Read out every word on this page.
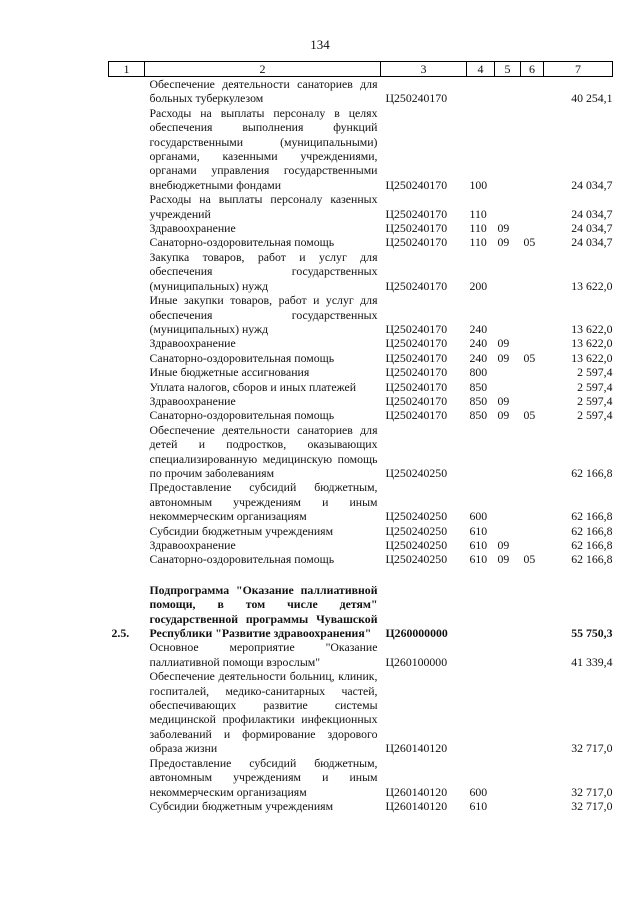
134
1	2	3	4	5	6	7
	Обеспечение деятельности санаториев для больных туберкулезом	Ц250240170				40 254,1
	Расходы на выплаты персоналу в целях обеспечения выполнения функций государственными (муниципальными) органами, казенными учреждениями, органами управления государственными внебюджетными фондами	Ц250240170	100			24 034,7
	Расходы на выплаты персоналу казенных учреждений	Ц250240170	110			24 034,7
	Здравоохранение	Ц250240170	110	09		24 034,7
	Санаторно-оздоровительная помощь	Ц250240170	110	09	05	24 034,7
	Закупка товаров, работ и услуг для обеспечения государственных (муниципальных) нужд	Ц250240170	200			13 622,0
	Иные закупки товаров, работ и услуг для обеспечения государственных (муниципальных) нужд	Ц250240170	240			13 622,0
	Здравоохранение	Ц250240170	240	09		13 622,0
	Санаторно-оздоровительная помощь	Ц250240170	240	09	05	13 622,0
	Иные бюджетные ассигнования	Ц250240170	800			2 597,4
	Уплата налогов, сборов и иных платежей	Ц250240170	850			2 597,4
	Здравоохранение	Ц250240170	850	09		2 597,4
	Санаторно-оздоровительная помощь	Ц250240170	850	09	05	2 597,4
	Обеспечение деятельности санаториев для детей и подростков, оказывающих специализированную медицинскую помощь по прочим заболеваниям	Ц250240250				62 166,8
	Предоставление субсидий бюджетным, автономным учреждениям и иным некоммерческим организациям	Ц250240250	600			62 166,8
	Субсидии бюджетным учреждениям	Ц250240250	610			62 166,8
	Здравоохранение	Ц250240250	610	09		62 166,8
	Санаторно-оздоровительная помощь	Ц250240250	610	09	05	62 166,8

2.5.	Подпрограмма "Оказание паллиативной помощи, в том числе детям" государственной программы Чувашской Республики "Развитие здравоохранения"	Ц260000000				55 750,3
	Основное мероприятие "Оказание паллиативной помощи взрослым"	Ц260100000				41 339,4
	Обеспечение деятельности больниц, клиник, госпиталей, медико-санитарных частей, обеспечивающих развитие системы медицинской профилактики инфекционных заболеваний и формирование здорового образа жизни	Ц260140120				32 717,0
	Предоставление субсидий бюджетным, автономным учреждениям и иным некоммерческим организациям	Ц260140120	600			32 717,0
	Субсидии бюджетным учреждениям	Ц260140120	610			32 717,0
